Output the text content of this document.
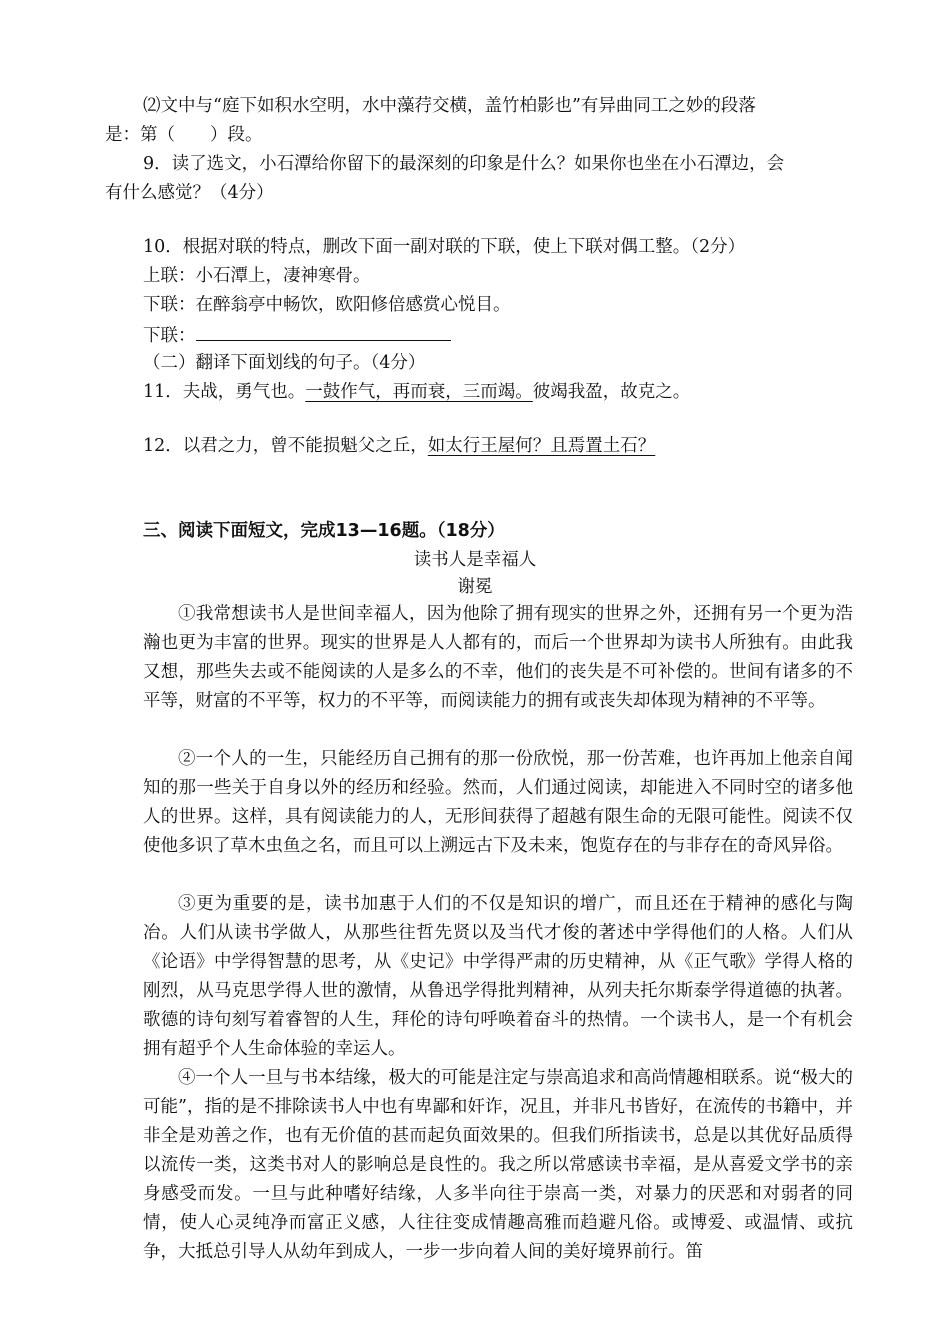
⑵文中与“庭下如积水空明，水中藻荇交横，盖竹柏影也”有异曲同工之妙的段落
是：第（　　）段。
9．读了选文，小石潭给你留下的最深刻的印象是什么？如果你也坐在小石潭边，会
有什么感觉？（4分）
10．根据对联的特点，删改下面一副对联的下联，使上下联对偶工整。（2分）
上联：小石潭上，凄神寒骨。
下联：在醉翁亭中畅饮，欧阳修倍感赏心悦目。
下联：
（二）翻译下面划线的句子。（4分）
11．夫战，勇气也。一鼓作气，再而衰，三而竭。彼竭我盈，故克之。
12．以君之力，曾不能损魁父之丘，如太行王屋何？且焉置土石？
三、阅读下面短文，完成13—16题。（18分）
读书人是幸福人
谢冕
①我常想读书人是世间幸福人，因为他除了拥有现实的世界之外，还拥有另一个更为浩瀚也更为丰富的世界。现实的世界是人人都有的，而后一个世界却为读书人所独有。由此我又想，那些失去或不能阅读的人是多么的不幸，他们的丧失是不可补偿的。世间有诸多的不平等，财富的不平等，权力的不平等，而阅读能力的拥有或丧失却体现为精神的不平等。
②一个人的一生，只能经历自己拥有的那一份欣悦，那一份苦难，也许再加上他亲自闻知的那一些关于自身以外的经历和经验。然而，人们通过阅读，却能进入不同时空的诸多他人的世界。这样，具有阅读能力的人，无形间获得了超越有限生命的无限可能性。阅读不仅使他多识了草木虫鱼之名，而且可以上溯远古下及未来，饱览存在的与非存在的奇风异俗。
③更为重要的是，读书加惠于人们的不仅是知识的增广，而且还在于精神的感化与陶冶。人们从读书学做人，从那些往哲先贤以及当代才俊的著述中学得他们的人格。人们从《论语》中学得智慧的思考，从《史记》中学得严肃的历史精神，从《正气歌》学得人格的刚烈，从马克思学得人世的激情，从鲁迅学得批判精神，从列夫托尔斯泰学得道德的执著。歌德的诗句刻写着睿智的人生，拜伦的诗句呼唤着奋斗的热情。一个读书人，是一个有机会拥有超乎个人生命体验的幸运人。
④一个人一旦与书本结缘，极大的可能是注定与崇高追求和高尚情趣相联系。说“极大的可能”，指的是不排除读书人中也有卑鄙和奸诈，况且，并非凡书皆好，在流传的书籍中，并非全是劝善之作，也有无价值的甚而起负面效果的。但我们所指读书，总是以其优好品质得以流传一类，这类书对人的影响总是良性的。我之所以常感读书幸福，是从喜爱文学书的亲身感受而发。一旦与此种嗜好结缘，人多半向往于崇高一类，对暴力的厌恶和对弱者的同情，使人心灵纯净而富正义感，人往往变成情趣高雅而趋避凡俗。或博爱、或温情、或抗争，大抵总引导人从幼年到成人，一步一步向着人间的美好境界前行。笛
